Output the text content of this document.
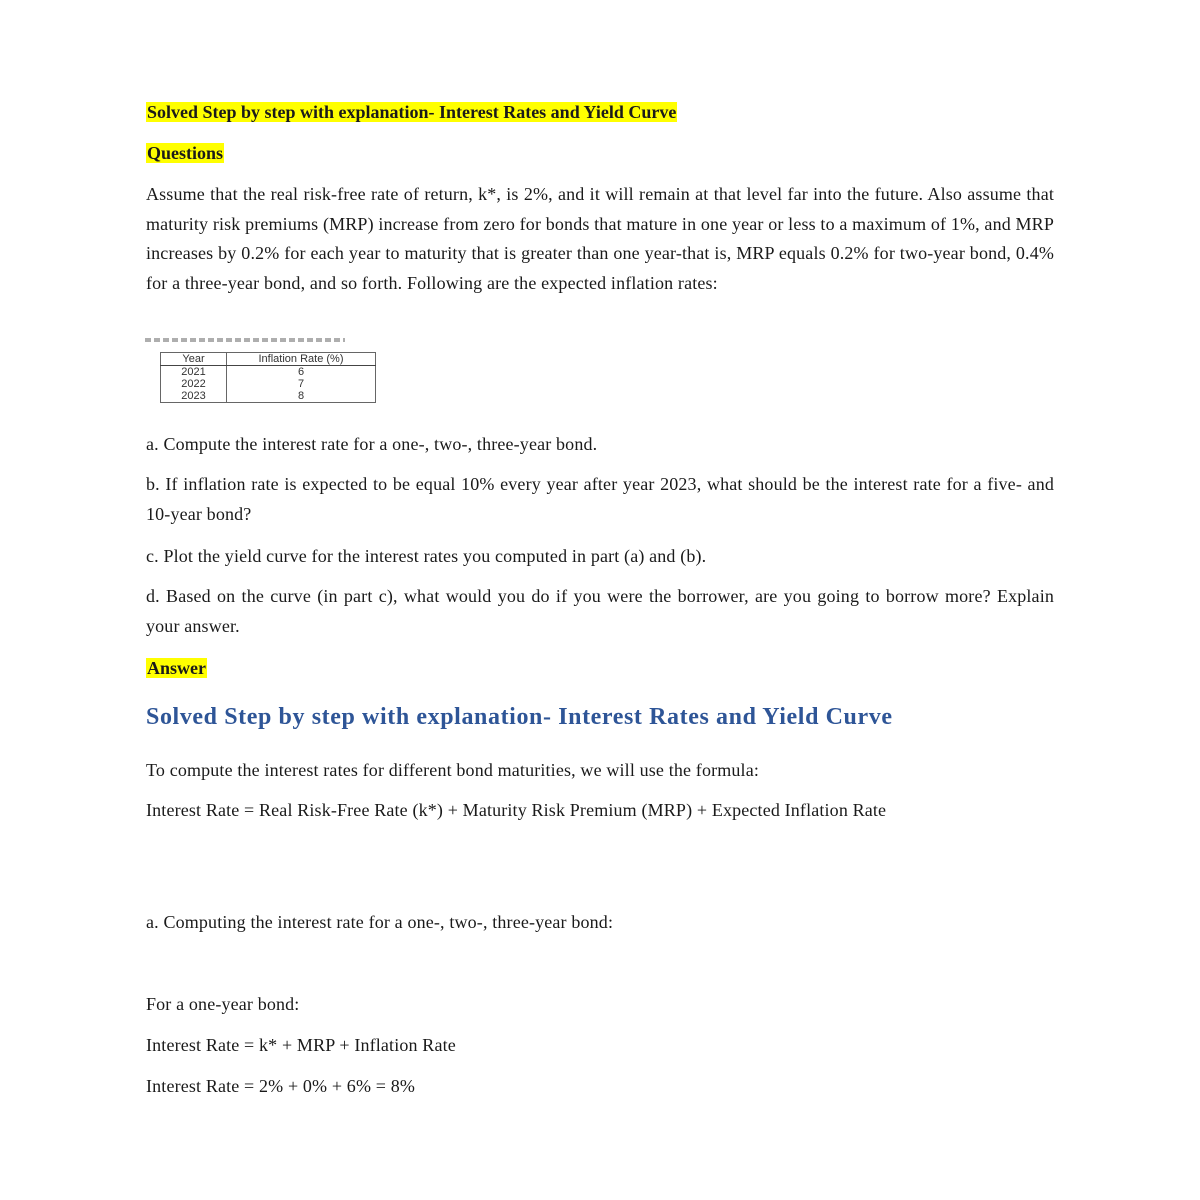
Solved Step by step with explanation- Interest Rates and Yield Curve
Questions
Assume that the real risk-free rate of return, k*, is 2%, and it will remain at that level far into the future. Also assume that maturity risk premiums (MRP) increase from zero for bonds that mature in one year or less to a maximum of 1%, and MRP increases by 0.2% for each year to maturity that is greater than one year-that is, MRP equals 0.2% for two-year bond, 0.4% for a three-year bond, and so forth. Following are the expected inflation rates:
Year	Inflation Rate (%)
2021	6
2022	7
2023	8
a. Compute the interest rate for a one-, two-, three-year bond.
b. If inflation rate is expected to be equal 10% every year after year 2023, what should be the interest rate for a five- and 10-year bond?
c. Plot the yield curve for the interest rates you computed in part (a) and (b).
d. Based on the curve (in part c), what would you do if you were the borrower, are you going to borrow more? Explain your answer.
Answer
Solved Step by step with explanation- Interest Rates and Yield Curve
To compute the interest rates for different bond maturities, we will use the formula:
Interest Rate = Real Risk-Free Rate (k*) + Maturity Risk Premium (MRP) + Expected Inflation Rate
a. Computing the interest rate for a one-, two-, three-year bond:
For a one-year bond:
Interest Rate = k* + MRP + Inflation Rate
Interest Rate = 2% + 0% + 6% = 8%
